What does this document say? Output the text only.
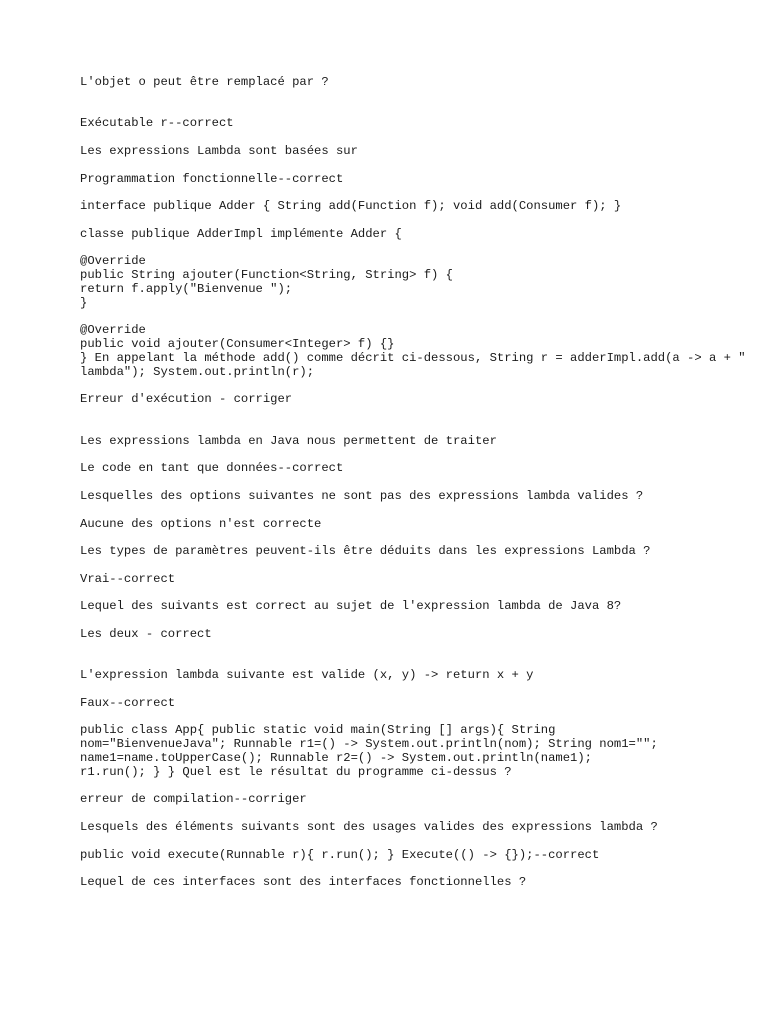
L'objet o peut être remplacé par ?
Exécutable r--correct
Les expressions Lambda sont basées sur
Programmation fonctionnelle--correct
interface publique Adder { String add(Function f); void add(Consumer f); }
classe publique AdderImpl implémente Adder {
@Override
public String ajouter(Function<String, String> f) {
return f.apply("Bienvenue ");
}
@Override
public void ajouter(Consumer<Integer> f) {}
} En appelant la méthode add() comme décrit ci-dessous, String r = adderImpl.add(a -> a + "
lambda"); System.out.println(r);
Erreur d'exécution - corriger
Les expressions lambda en Java nous permettent de traiter
Le code en tant que données--correct
Lesquelles des options suivantes ne sont pas des expressions lambda valides ?
Aucune des options n'est correcte
Les types de paramètres peuvent-ils être déduits dans les expressions Lambda ?
Vrai--correct
Lequel des suivants est correct au sujet de l'expression lambda de Java 8?
Les deux - correct
L'expression lambda suivante est valide (x, y) -> return x + y
Faux--correct
public class App{ public static void main(String [] args){ String
nom="BienvenueJava"; Runnable r1=() -> System.out.println(nom); String nom1="";
name1=name.toUpperCase(); Runnable r2=() -> System.out.println(name1);
r1.run(); } } Quel est le résultat du programme ci-dessus ?
erreur de compilation--corriger
Lesquels des éléments suivants sont des usages valides des expressions lambda ?
public void execute(Runnable r){ r.run(); } Execute(() -> {});--correct
Lequel de ces interfaces sont des interfaces fonctionnelles ?
